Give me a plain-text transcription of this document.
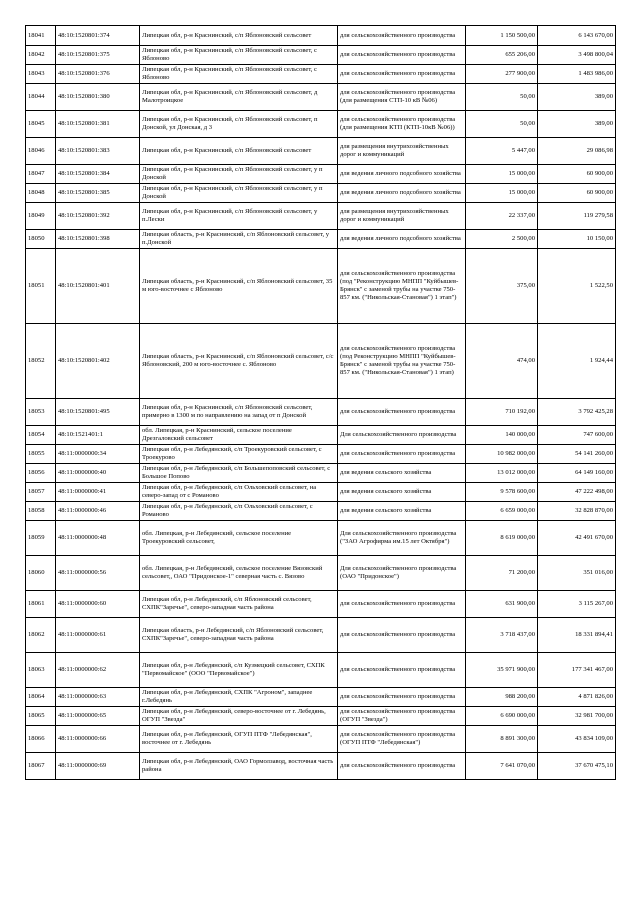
18041	48:10:1520801:374	Липецкая обл, р-н Краснинский, с/п Яблоновский сельсовет	для сельскохозяйственного производства	1 150 500,00	6 143 670,00
18042	48:10:1520801:375	Липецкая обл, р-н Краснинский, с/п Яблоновский сельсовет, с Яблоново	для сельскохозяйственного производства	655 206,00	3 498 800,04
18043	48:10:1520801:376	Липецкая обл, р-н Краснинский, с/п Яблоновский сельсовет, с Яблоново	для сельскохозяйственного производства	277 900,00	1 483 986,00
18044	48:10:1520801:380	Липецкая обл, р-н Краснинский, с/п Яблоновский сельсовет, д Малотроицкое	для сельскохозяйственного производства (для размещения СТП-10 кВ №06)	50,00	389,00
18045	48:10:1520801:381	Липецкая обл, р-н Краснинский, с/п Яблоновский сельсовет, п Донской, ул Донская, д 3	для сельскохозяйственного производства (для размещения КТП (КТП-10кВ №06))	50,00	389,00
18046	48:10:1520801:383	Липецкая обл, р-н Краснинский, с/п Яблоновский сельсовет	для размещения внутрихозяйственных дорог и коммуникаций	5 447,00	29 086,98
18047	48:10:1520801:384	Липецкая обл, р-н Краснинский, с/п Яблоновский сельсовет, у п Донской	для ведения личного подсобного хозяйства	15 000,00	60 900,00
18048	48:10:1520801:385	Липецкая обл, р-н Краснинский, с/п Яблоновский сельсовет, у п Донской	для ведения личного подсобного хозяйства	15 000,00	60 900,00
18049	48:10:1520801:392	Липецкая обл, р-н Краснинский, с/п Яблоновский сельсовет, у п.Лески	для размещения внутрихозяйственных дорог и коммуникаций	22 337,00	119 279,58
18050	48:10:1520801:398	Липецкая область, р-н Краснинский, с/п Яблоновский сельсовет, у п.Донской	для ведения личного подсобного хозяйства	2 500,00	10 150,00
18051	48:10:1520801:401	Липецкая область, р-н Краснинский, с/п Яблоновский сельсовет, 35 м юго-восточнее с Яблоново	для сельскохозяйственного производства (под "Реконструкцию МНПП "Куйбышев-Брянск" с заменой трубы на участке 750-857 км. ("Никольская-Становая") 1 этап")	375,00	1 522,50
18052	48:10:1520801:402	Липецкая область, р-н Краснинский, с/п Яблоновский сельсовет, с/с Яблоновский, 200 м юго-восточнее с. Яблоново	для сельскохозяйственного производства (под Реконструкцию МНПП "Куйбышев-Брянск" с заменой трубы на участке 750-857 км. ("Никольская-Становая") 1 этап)	474,00	1 924,44
18053	48:10:1520801:495	Липецкая обл, р-н Краснинский, с/п Яблоновский сельсовет, примерно в 1300 м по направлению на запад от п Донской	для сельскохозяйственного производства	710 192,00	3 792 425,28
18054	48:10:1521401:1	обл. Липецкая, р-н Краснинский, сельское поселение Дрезгаловский сельсовет	Для сельскохозяйственного производства	140 000,00	747 600,00
18055	48:11:0000000:34	Липецкая обл, р-н Лебедянский, с/п Троекуровский сельсовет, с Троекурово	для сельскохозяйственного производства	10 982 000,00	54 141 260,00
18056	48:11:0000000:40	Липецкая обл, р-н Лебедянский, с/п Большепоповский сельсовет, с Большое Попово	для ведения сельского хозяйства	13 012 000,00	64 149 160,00
18057	48:11:0000000:41	Липецкая обл, р-н Лебедянский, с/п Ольховский сельсовет, на северо-запад от с Романово	для ведения сельского хозяйства	9 578 600,00	47 222 498,00
18058	48:11:0000000:46	Липецкая обл, р-н Лебедянский, с/п Ольховский сельсовет, с Романово	для ведения сельского хозяйства	6 659 000,00	32 828 870,00
18059	48:11:0000000:48	обл. Липецкая, р-н Лебедянский, сельское поселение Троекуровский сельсовет,	Для сельскохозяйственного производства ("ЗАО Агрофирма им.15 лет Октября")	8 619 000,00	42 491 670,00
18060	48:11:0000000:56	обл. Липецкая, р-н Лебедянский, сельское поселение Вязовский сельсовет,, ОАО "Придонское-1" северная часть с. Вязово	Для сельскохозяйственного производства (ОАО "Придонское")	71 200,00	351 016,00
18061	48:11:0000000:60	Липецкая обл, р-н Лебедянский, с/п Яблоновский сельсовет, СХПК"Заречье", северо-западная часть района	для сельскохозяйственного производства	631 900,00	3 115 267,00
18062	48:11:0000000:61	Липецкая область, р-н Лебедянский, с/п Яблоновский сельсовет, СХПК"Заречье", северо-западная часть района	для сельскохозяйственного производства	3 718 437,00	18 331 894,41
18063	48:11:0000000:62	Липецкая обл, р-н Лебедянский, с/п Кузмецкий сельсовет, СХПК "Первомайское" (ООО "Первомайское")	для сельскохозяйственного производства	35 971 900,00	177 341 467,00
18064	48:11:0000000:63	Липецкая обл, р-н Лебедянский, СХПК "Агроном", западнее г.Лебедянь	для сельскохозяйственного производства	988 200,00	4 871 826,00
18065	48:11:0000000:65	Липецкая обл, р-н Лебедянский, северо-восточнее от г. Лебедянь, ОГУП "Звезда"	для сельскохозяйственного производства (ОГУП "Звезда")	6 690 000,00	32 981 700,00
18066	48:11:0000000:66	Липецкая обл, р-н Лебедянский, ОГУП ПТФ "Лебедянская", восточнее от г. Лебедянь	для сельскохозяйственного производства (ОГУП ПТФ "Лебедянская")	8 891 300,00	43 834 109,00
18067	48:11:0000000:69	Липецкая обл, р-н Лебедянский, ОАО Гормолзавод, восточная часть района	для сельскохозяйственного производства	7 641 070,00	37 670 475,10
